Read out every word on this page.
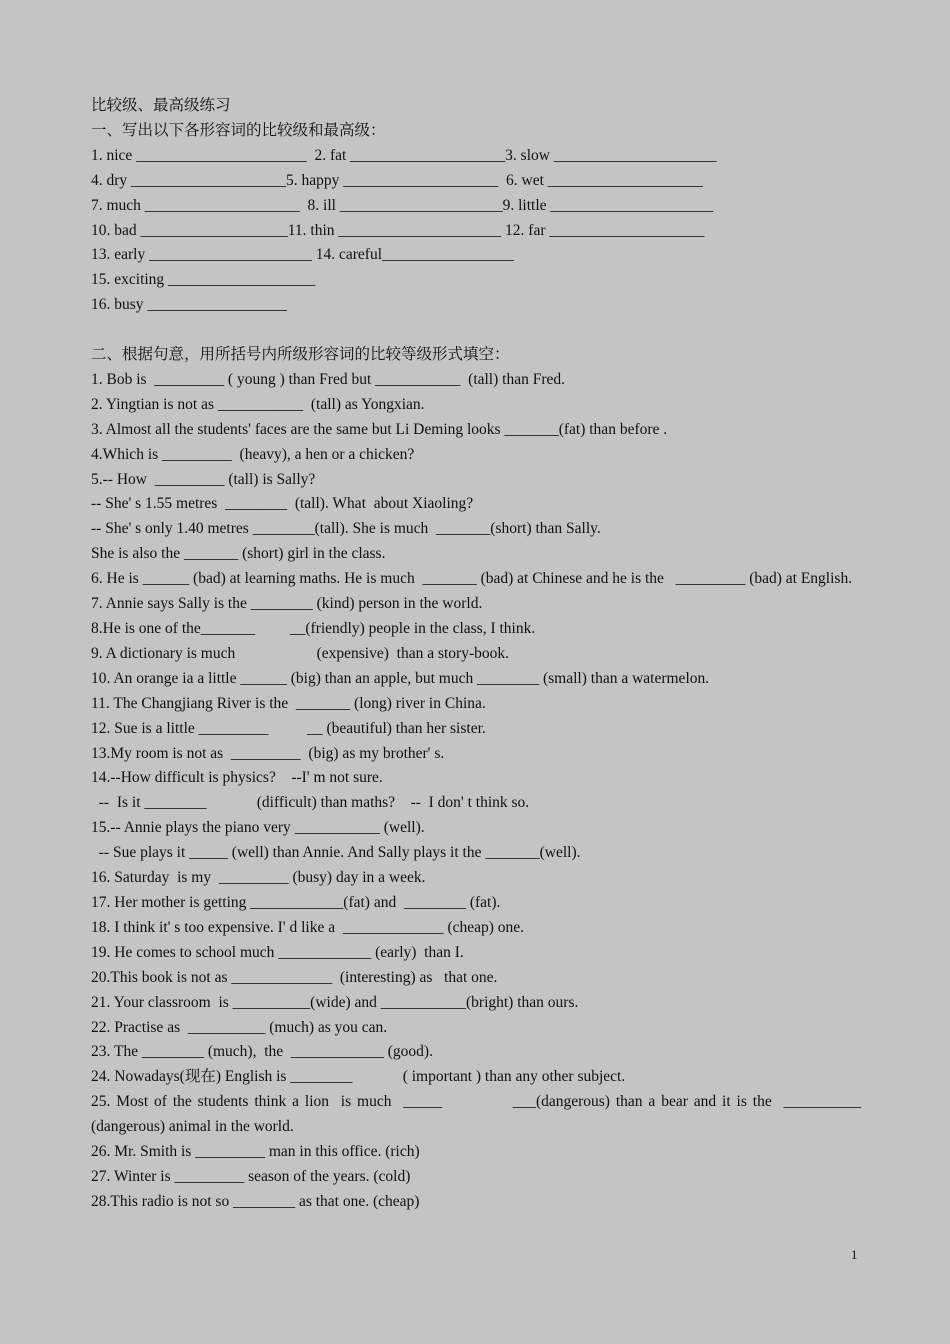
比较级、最高级练习
一、写出以下各形容词的比较级和最高级：
1. nice ______________________  2. fat ____________________3. slow _____________________
4. dry ____________________5. happy ____________________  6. wet ____________________
7. much ____________________  8. ill _____________________9. little _____________________
10. bad ___________________11. thin _____________________ 12. far ____________________
13. early _____________________ 14. careful_________________
15. exciting ___________________
16. busy __________________
二、根据句意，用所括号内所级形容词的比较等级形式填空：
1. Bob is  _________ ( young ) than Fred but ___________  (tall) than Fred.
2. Yingtian is not as ___________  (tall) as Yongxian.
3. Almost all the students' faces are the same but Li Deming looks _______(fat) than before .
4.Which is _________  (heavy), a hen or a chicken?
5.-- How  _________ (tall) is Sally?
-- She' s 1.55 metres  ________  (tall). What  about Xiaoling?
-- She' s only 1.40 metres ________(tall). She is much  _______(short) than Sally.
She is also the _______ (short) girl in the class.
6. He is ______ (bad) at learning maths. He is much  _______ (bad) at Chinese and he is the   _________ (bad) at English.
7. Annie says Sally is the ________ (kind) person in the world.
8.He is one of the_______         __(friendly) people in the class, I think.
9. A dictionary is much                     (expensive)  than a story-book.
10. An orange ia a little ______ (big) than an apple, but much ________ (small) than a watermelon.
11. The Changjiang River is the  _______ (long) river in China.
12. Sue is a little _________          __ (beautiful) than her sister.
13.My room is not as  _________  (big) as my brother' s.
14.--How difficult is physics?    --I' m not sure.
--  Is it ________             (difficult) than maths?    --  I don' t think so.
15.-- Annie plays the piano very ___________ (well).
-- Sue plays it _____ (well) than Annie. And Sally plays it the _______(well).
16. Saturday  is my  _________ (busy) day in a week.
17. Her mother is getting ____________(fat) and  ________ (fat).
18. I think it' s too expensive. I' d like a  _____________ (cheap) one.
19. He comes to school much ____________ (early)  than I.
20.This book is not as _____________  (interesting) as   that one.
21. Your classroom  is __________(wide) and ___________(bright) than ours.
22. Practise as  __________ (much) as you can.
23. The ________ (much),  the  ____________ (good).
24. Nowadays(现在) English is ________             ( important ) than any other subject.
25. Most of the students think a lion  is much  _____            ___(dangerous) than a bear and it is the  __________ (dangerous) animal in the world.
26. Mr. Smith is _________ man in this office. (rich)
27. Winter is _________ season of the years. (cold)
28.This radio is not so ________ as that one. (cheap)
1
